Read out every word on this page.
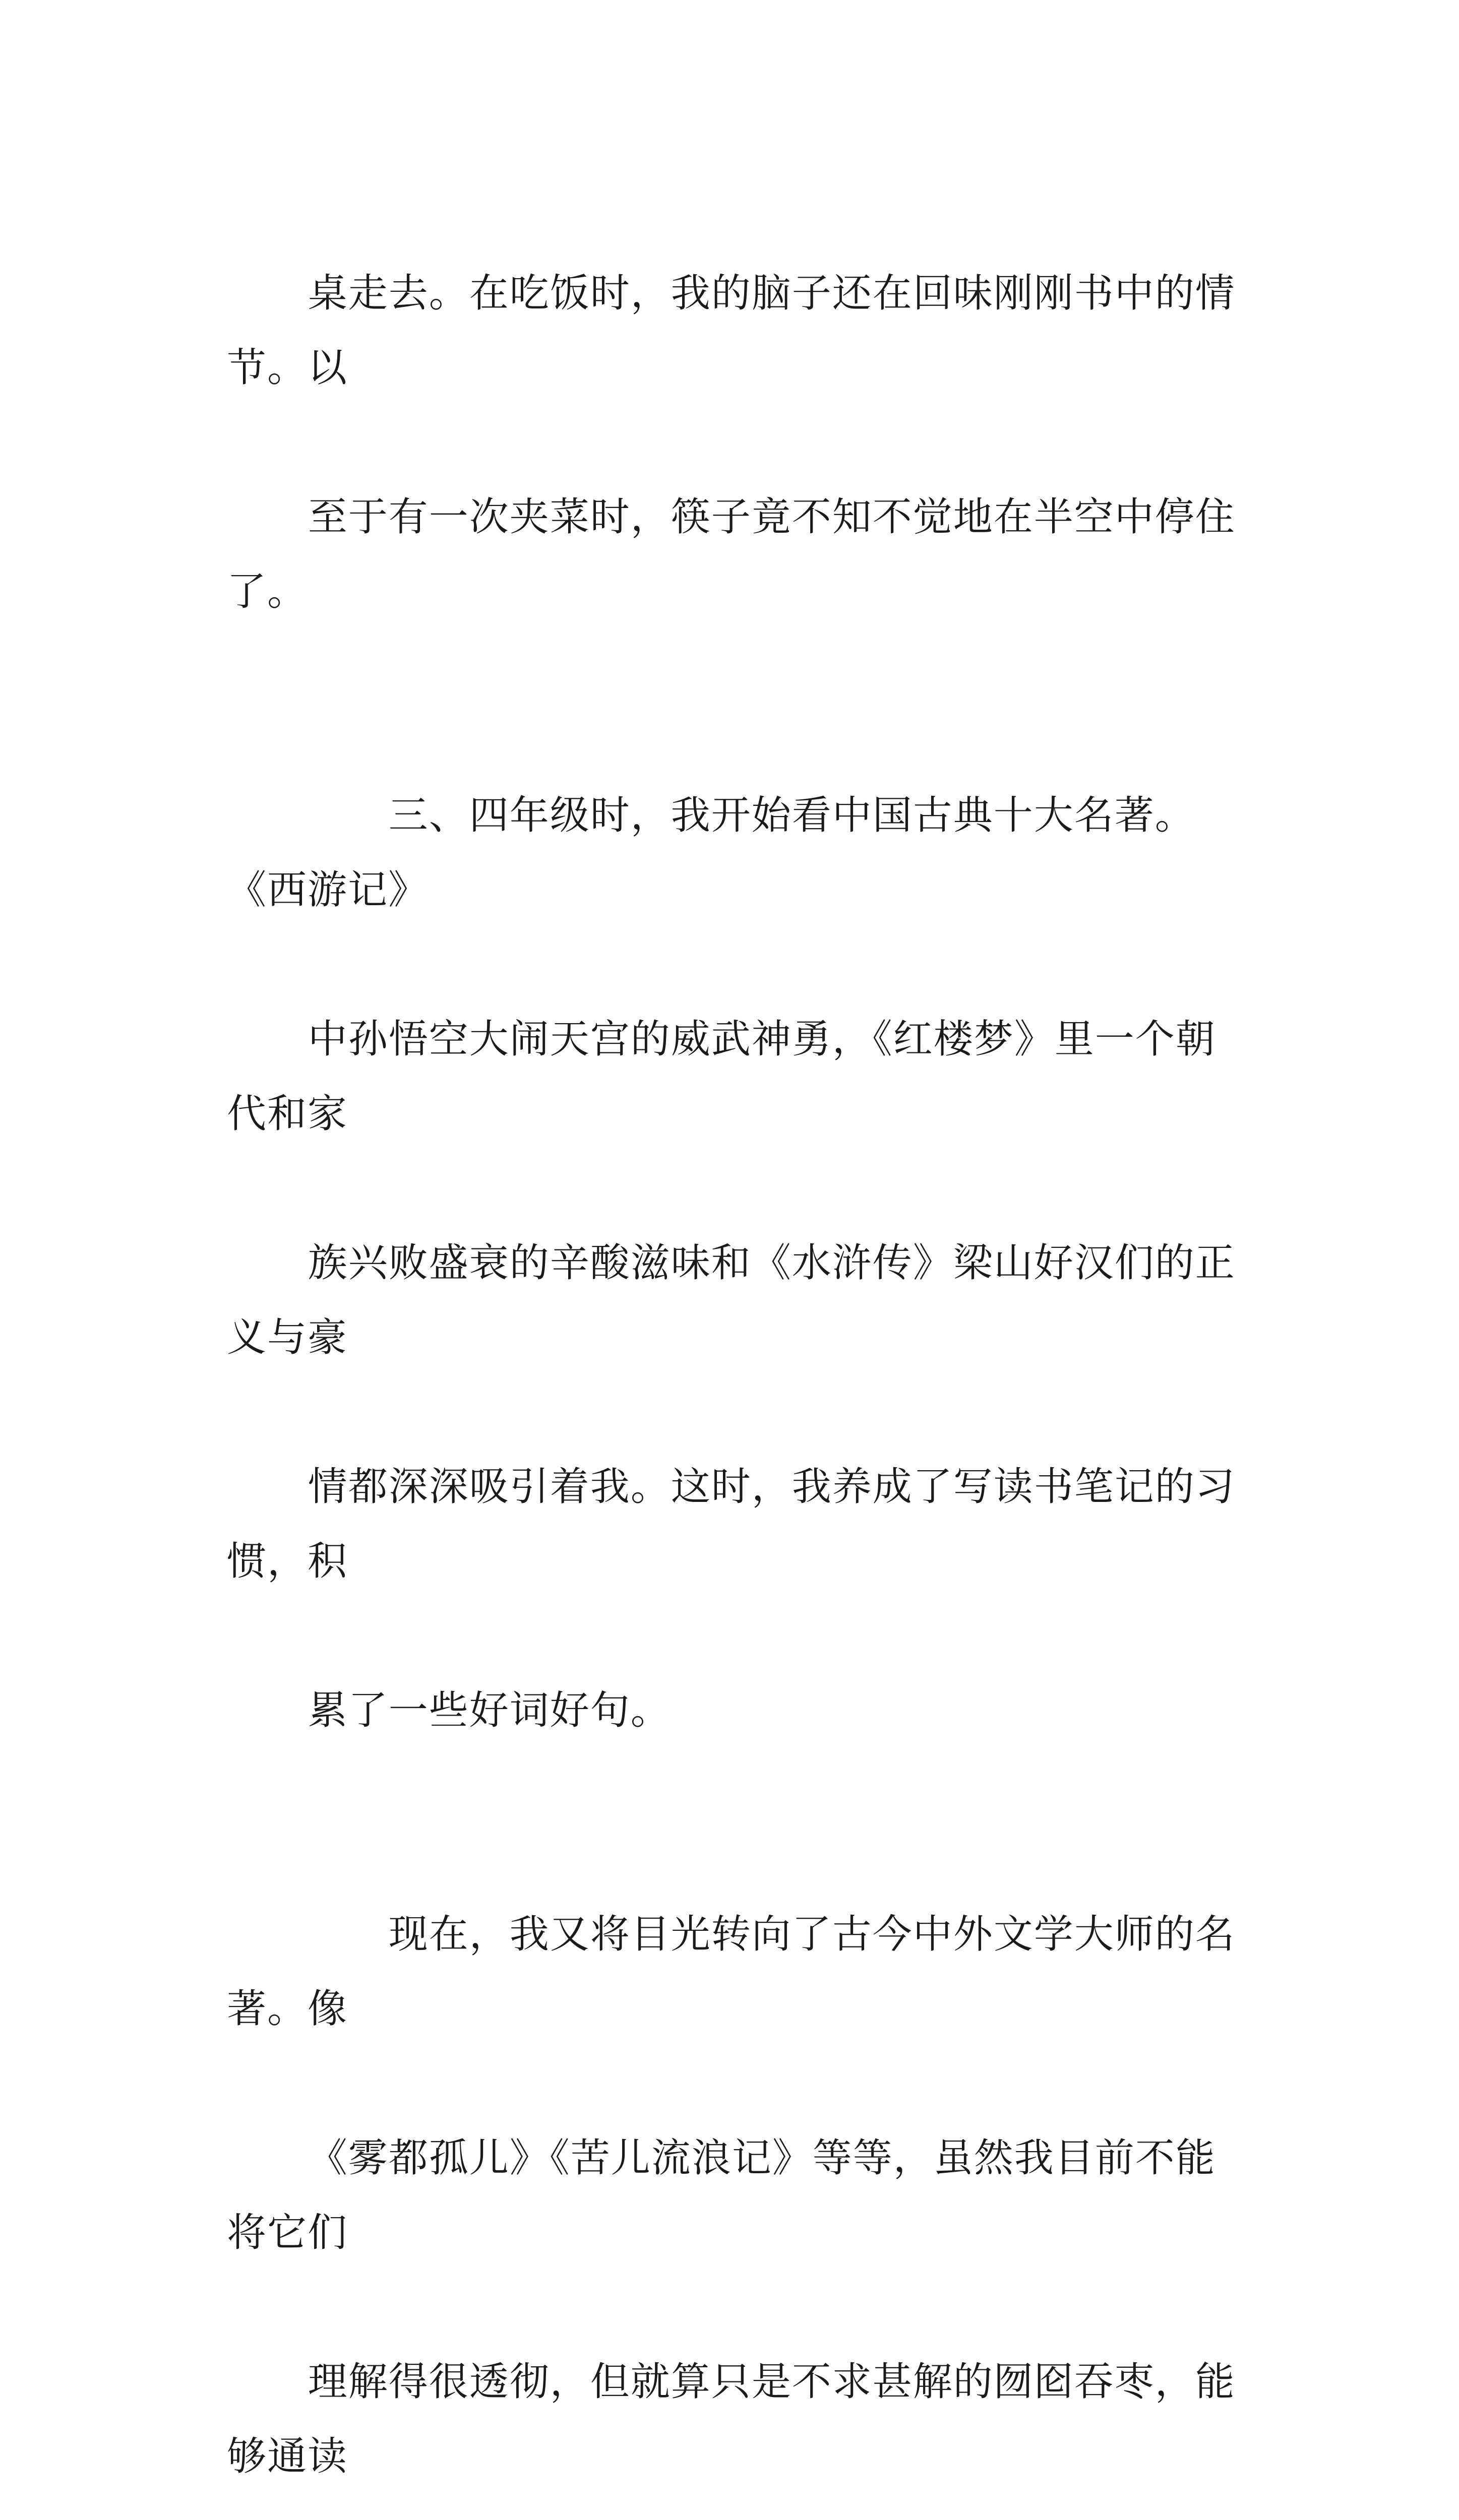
桌走去。在吃饭时，我的脑子还在回味刚刚书中的情节。以

至于有一次夹菜时，筷子竟不知不觉地在半空中停住了。

　　三、四年级时，我开始看中国古典十大名著。《西游记》

中孙悟空大闹天宫的威武神勇，《红楼梦》里一个朝代和家

族兴败盛衰的辛酸滋味和《水浒传》梁山好汉们的正义与豪

情都深深吸引着我。这时，我养成了写读书笔记的习惯，积

累了一些好词好句。

　　现在，我又将目光转向了古今中外文学大师的名著。像

《雾都孤儿》《苦儿流浪记》等等，虽然我目前不能将它们

理解得很透彻，但就算只是不求甚解的囫囵吞枣，能够通读
